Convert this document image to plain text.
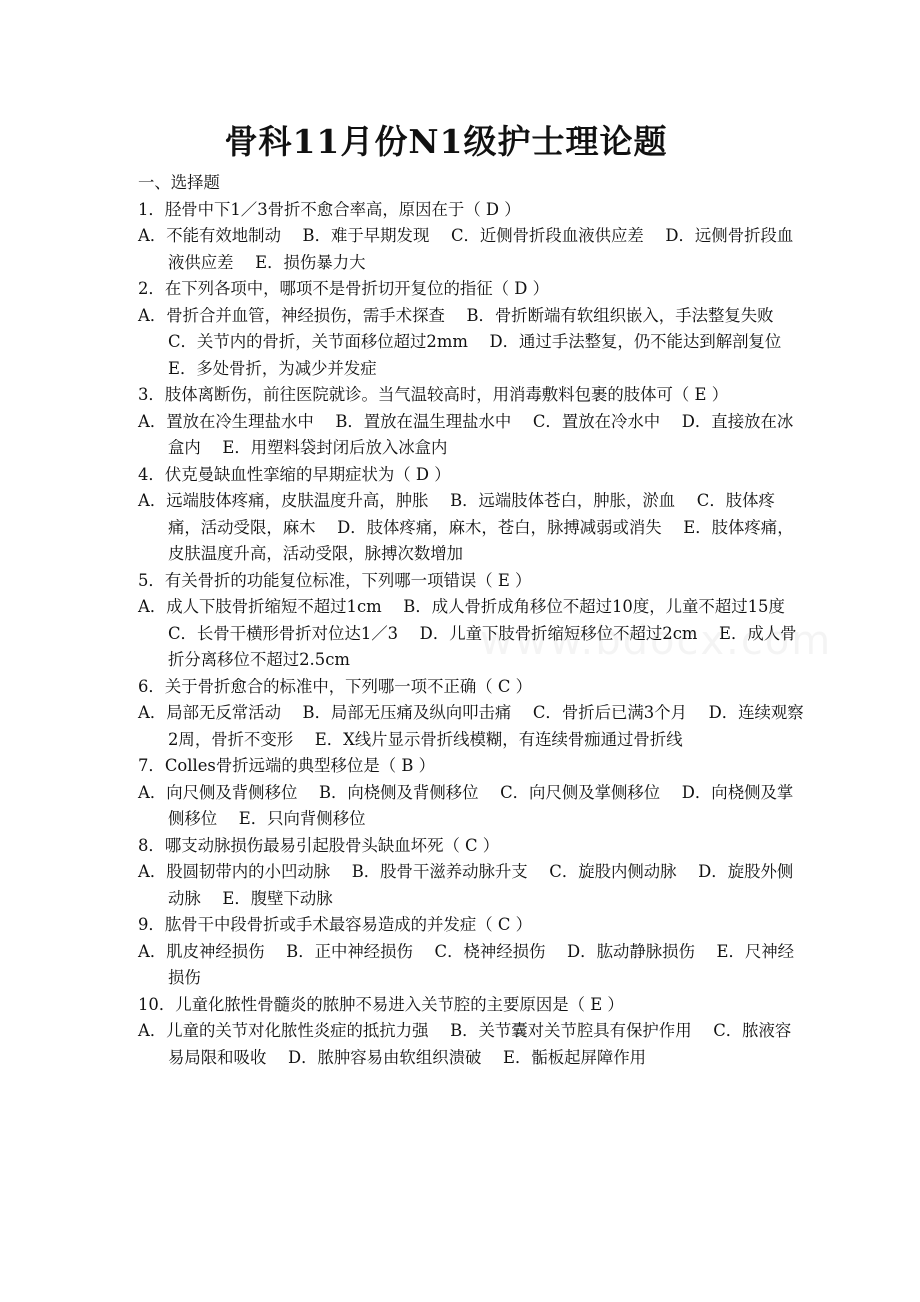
骨科11月份N1级护士理论题

一、选择题

1．胫骨中下1／3骨折不愈合率高，原因在于（ D ）

A．不能有效地制动　 B．难于早期发现　 C．近侧骨折段血液供应差　 D．远侧骨折段血液供应差　 E．损伤暴力大

2．在下列各项中，哪项不是骨折切开复位的指征（ D ）

A．骨折合并血管，神经损伤，需手术探查　 B．骨折断端有软组织嵌入，手法整复失败　 C．关节内的骨折，关节面移位超过2mm　 D．通过手法整复，仍不能达到解剖复位　 E．多处骨折，为减少并发症

3．肢体离断伤，前往医院就诊。当气温较高时，用消毒敷料包裹的肢体可（ E ）

A．置放在冷生理盐水中　 B．置放在温生理盐水中　 C．置放在冷水中　 D．直接放在冰盒内　 E．用塑料袋封闭后放入冰盒内

4．伏克曼缺血性挛缩的早期症状为（ D ）

A．远端肢体疼痛，皮肤温度升高，肿胀　 B．远端肢体苍白，肿胀，淤血　 C．肢体疼痛，活动受限，麻木　 D．肢体疼痛，麻木，苍白，脉搏减弱或消失　 E．肢体疼痛，皮肤温度升高，活动受限，脉搏次数增加

5．有关骨折的功能复位标准，下列哪一项错误（ E ）

A．成人下肢骨折缩短不超过1cm　 B．成人骨折成角移位不超过10度，儿童不超过15度　 C．长骨干横形骨折对位达1／3　 D．儿童下肢骨折缩短移位不超过2cm　 E．成人骨折分离移位不超过2.5cm

6．关于骨折愈合的标准中，下列哪一项不正确（ C ）

A．局部无反常活动　 B．局部无压痛及纵向叩击痛　 C．骨折后已满3个月　 D．连续观察2周，骨折不变形　 E．X线片显示骨折线模糊，有连续骨痂通过骨折线

7．Colles骨折远端的典型移位是（ B ）

A．向尺侧及背侧移位　 B．向桡侧及背侧移位　 C．向尺侧及掌侧移位　 D．向桡侧及掌侧移位　 E．只向背侧移位

8．哪支动脉损伤最易引起股骨头缺血坏死（ C ）

A．股圆韧带内的小凹动脉　 B．股骨干滋养动脉升支　 C．旋股内侧动脉　 D．旋股外侧动脉　 E．腹壁下动脉

9．肱骨干中段骨折或手术最容易造成的并发症（ C ）

A．肌皮神经损伤　 B．正中神经损伤　 C．桡神经损伤　 D．肱动静脉损伤　 E．尺神经损伤

10．儿童化脓性骨髓炎的脓肿不易进入关节腔的主要原因是（ E ）

A．儿童的关节对化脓性炎症的抵抗力强　 B．关节囊对关节腔具有保护作用　 C．脓液容易局限和吸收　 D．脓肿容易由软组织溃破　 E．骺板起屏障作用
